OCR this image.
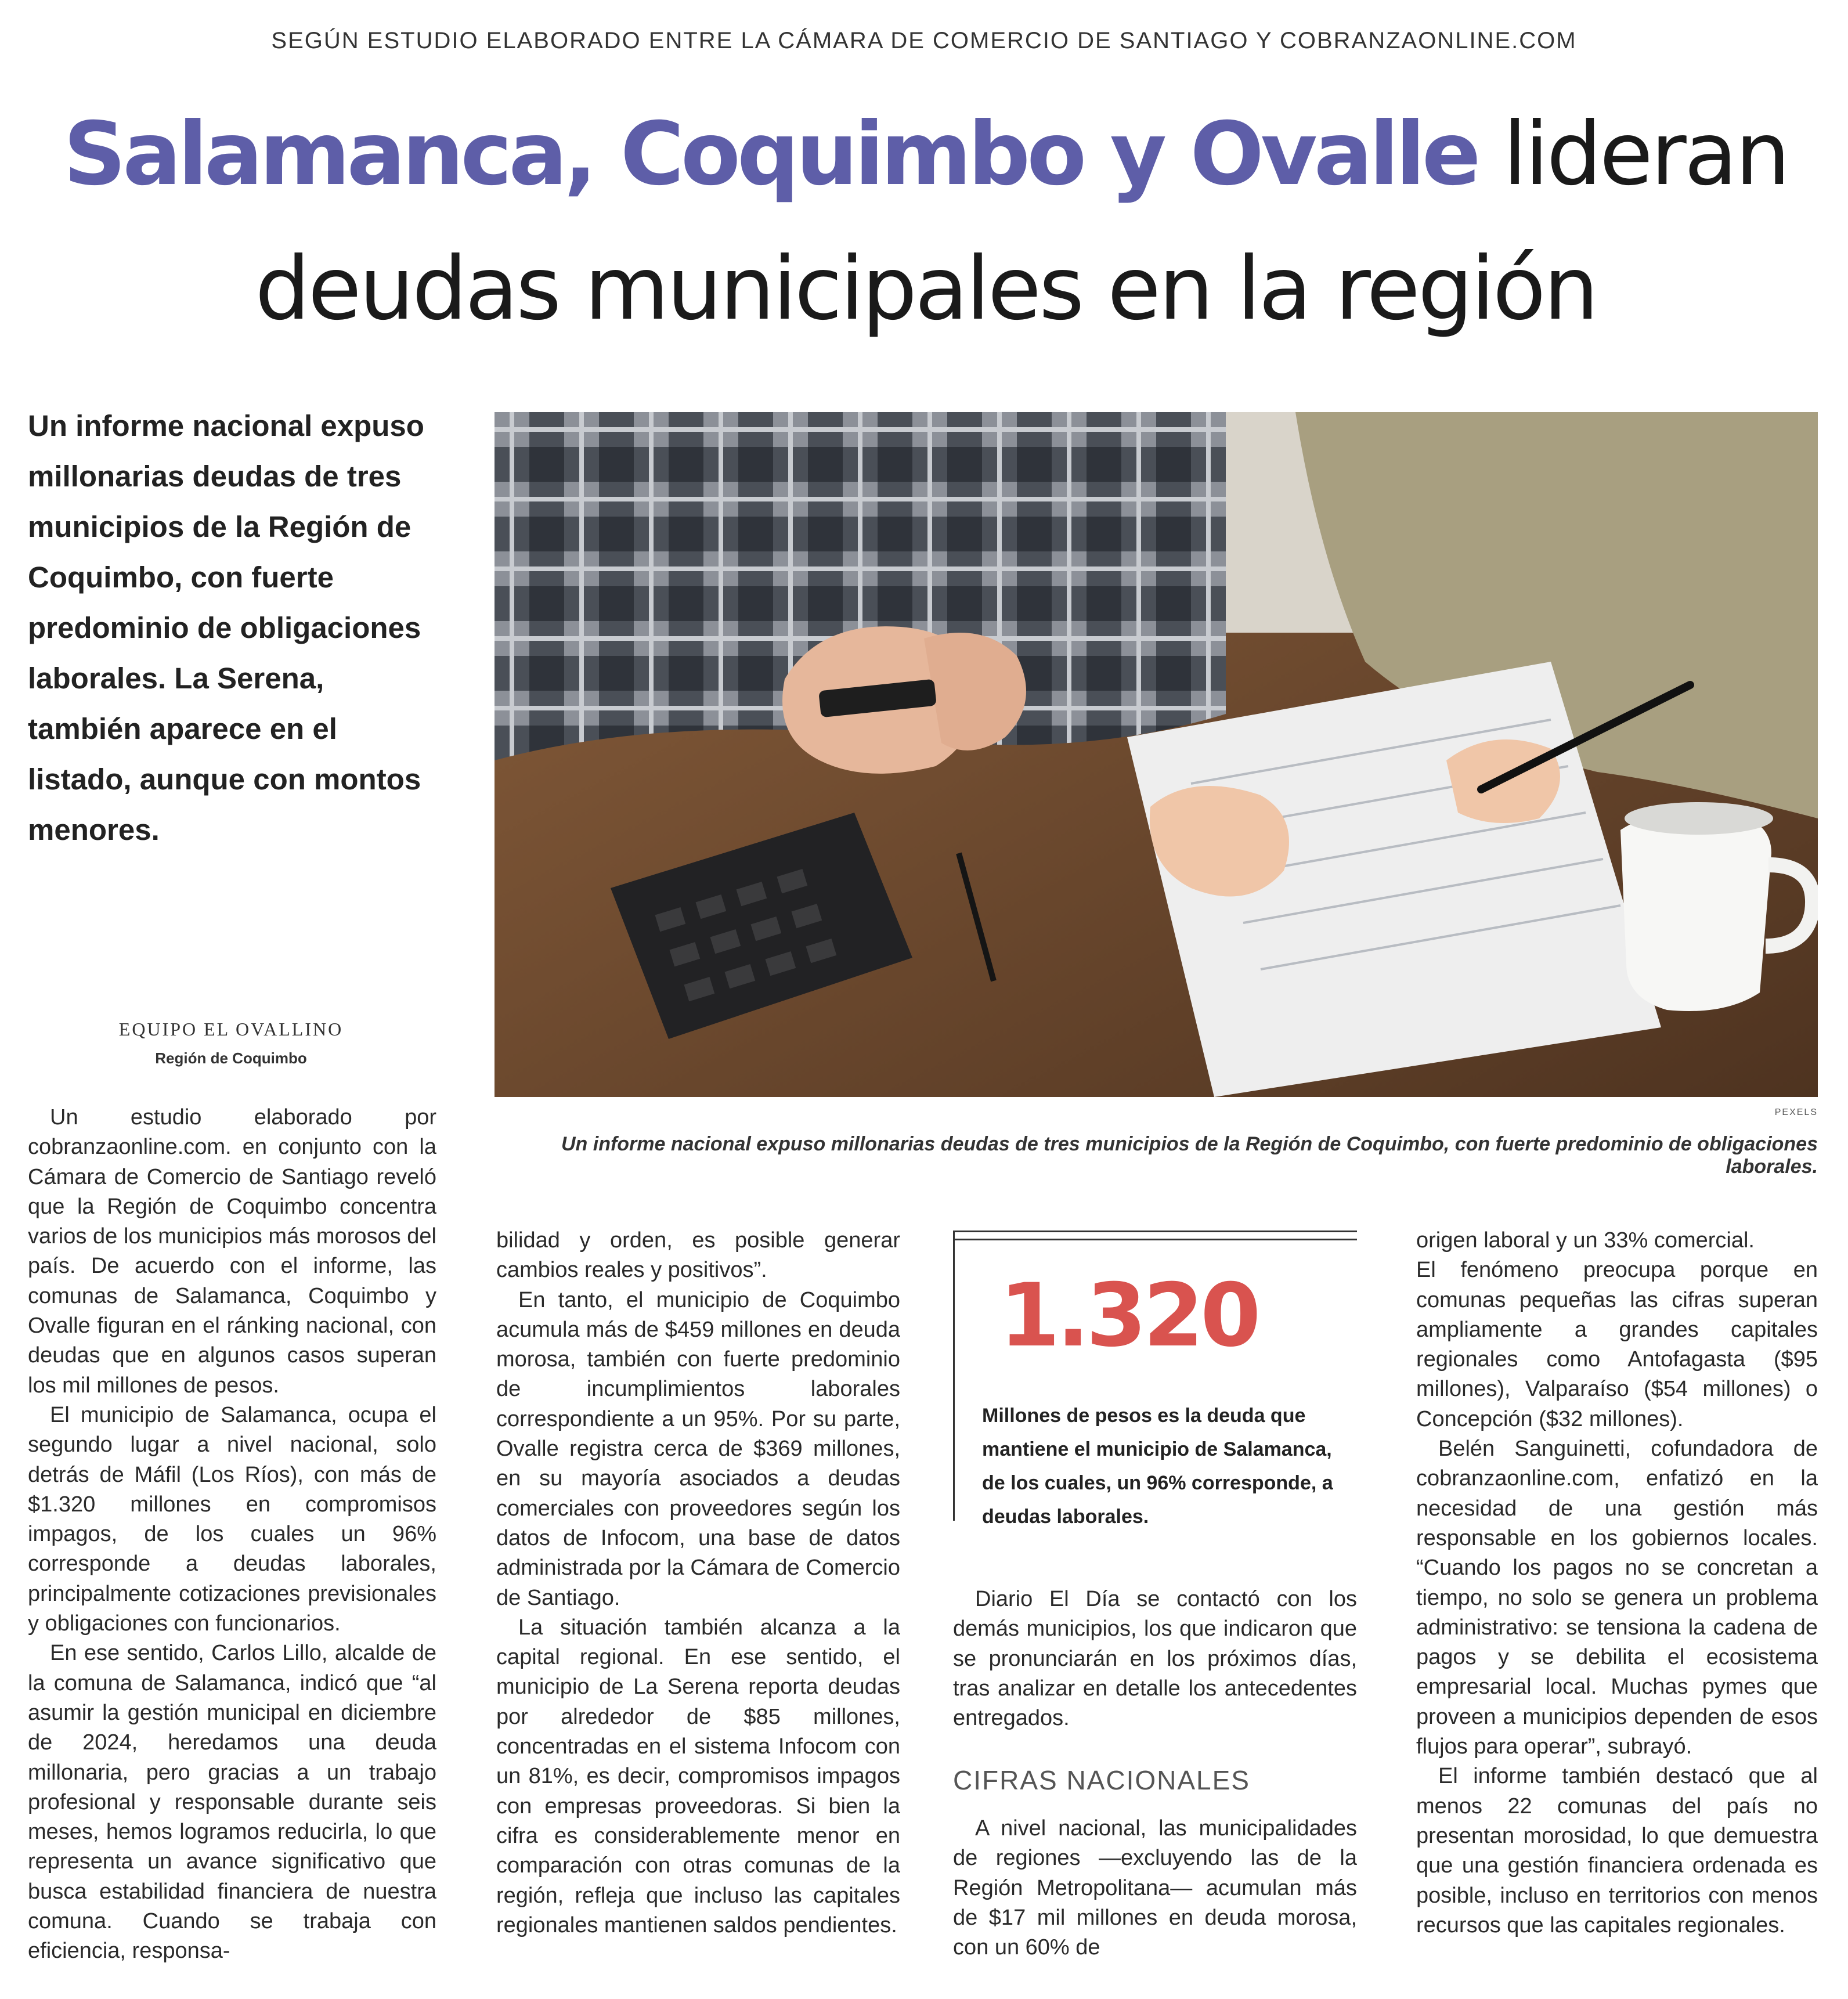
SEGÚN ESTUDIO ELABORADO ENTRE LA CÁMARA DE COMERCIO DE SANTIAGO Y COBRANZAONLINE.COM
Salamanca, Coquimbo y Ovalle lideran
deudas municipales en la región
Un informe nacional expuso millonarias deudas de tres municipios de la Región de Coquimbo, con fuerte predominio de obligaciones laborales. La Serena, también aparece en el listado, aunque con montos menores.
PEXELS
Un informe nacional expuso millonarias deudas de tres municipios de la Región de Coquimbo, con fuerte predominio de obligaciones laborales.
EQUIPO EL OVALLINO
Región de Coquimbo

Un estudio elaborado por cobranzaonline.com. en conjunto con la Cámara de Comercio de Santiago reveló que la Región de Coquimbo concentra varios de los municipios más morosos del país. De acuerdo con el informe, las comunas de Salamanca, Coquimbo y Ovalle figuran en el ránking nacional, con deudas que en algunos casos superan los mil millones de pesos.

El municipio de Salamanca, ocupa el segundo lugar a nivel nacional, solo detrás de Máfil (Los Ríos), con más de $1.320 millones en compromisos impagos, de los cuales un 96% corresponde a deudas laborales, principalmente cotizaciones previsionales y obligaciones con funcionarios.

En ese sentido, Carlos Lillo, alcalde de la comuna de Salamanca, indicó que “al asumir la gestión municipal en diciembre de 2024, heredamos una deuda millonaria, pero gracias a un trabajo profesional y responsable durante seis meses, hemos logramos reducirla, lo que representa un avance significativo que busca estabilidad financiera de nuestra comuna. Cuando se trabaja con eficiencia, responsa-

bilidad y orden, es posible generar cambios reales y positivos”.

En tanto, el municipio de Coquimbo acumula más de $459 millones en deuda morosa, también con fuerte predominio de incumplimientos laborales correspondiente a un 95%. Por su parte, Ovalle registra cerca de $369 millones, en su mayoría asociados a deudas comerciales con proveedores según los datos de Infocom, una base de datos administrada por la Cámara de Comercio de Santiago.

La situación también alcanza a la capital regional. En ese sentido, el municipio de La Serena reporta deudas por alrededor de $85 millones, concentradas en el sistema Infocom con un 81%, es decir, compromisos impagos con empresas proveedoras. Si bien la cifra es considerablemente menor en comparación con otras comunas de la región, refleja que incluso las capitales regionales mantienen saldos pendientes.

1.320
Millones de pesos es la deuda que mantiene el municipio de Salamanca, de los cuales, un 96% corresponde, a deudas laborales.

Diario El Día se contactó con los demás municipios, los que indicaron que se pronunciarán en los próximos días, tras analizar en detalle los antecedentes entregados.

CIFRAS NACIONALES

A nivel nacional, las municipalidades de regiones —excluyendo las de la Región Metropolitana— acumulan más de $17 mil millones en deuda morosa, con un 60% de

origen laboral y un 33% comercial.

El fenómeno preocupa porque en comunas pequeñas las cifras superan ampliamente a grandes capitales regionales como Antofagasta ($95 millones), Valparaíso ($54 millones) o Concepción ($32 millones).

Belén Sanguinetti, cofundadora de cobranzaonline.com, enfatizó en la necesidad de una gestión más responsable en los gobiernos locales. “Cuando los pagos no se concretan a tiempo, no solo se genera un problema administrativo: se tensiona la cadena de pagos y se debilita el ecosistema empresarial local. Muchas pymes que proveen a municipios dependen de esos flujos para operar”, subrayó.

El informe también destacó que al menos 22 comunas del país no presentan morosidad, lo que demuestra que una gestión financiera ordenada es posible, incluso en territorios con menos recursos que las capitales regionales.
